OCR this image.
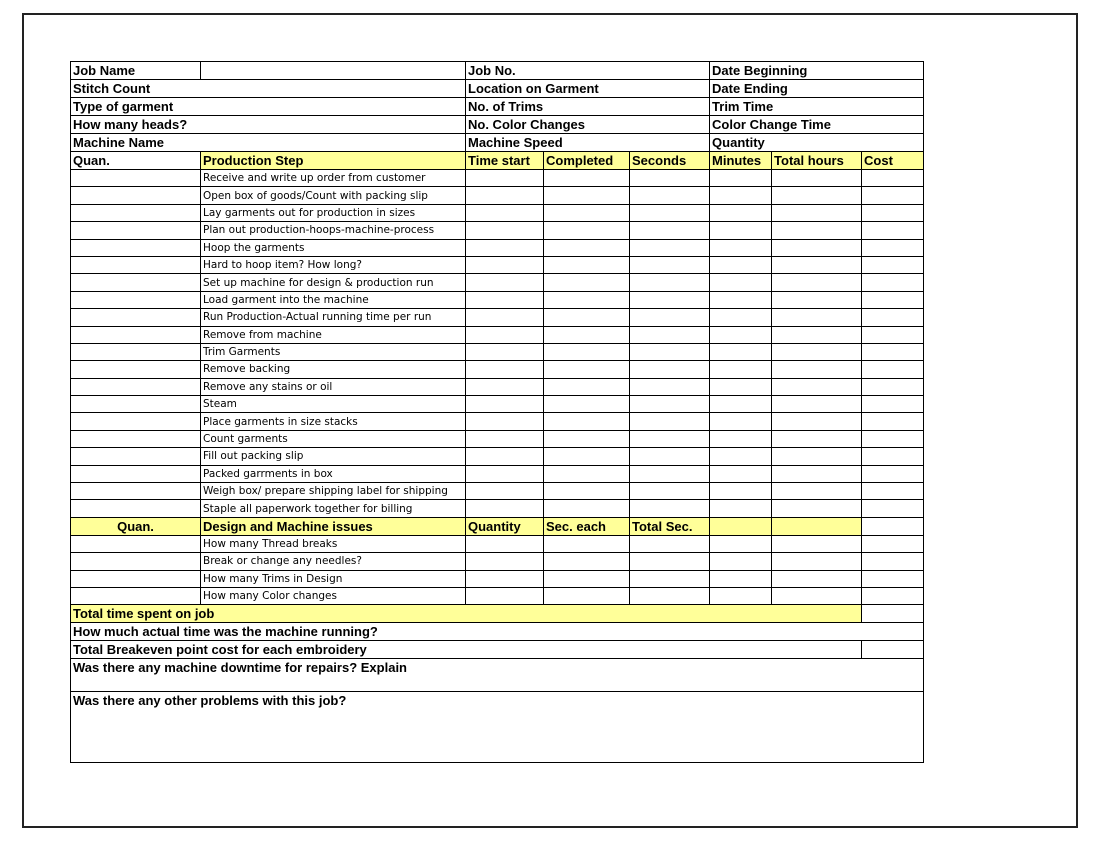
Job Name		Job No.			Date Beginning		
Stitch Count		Location on Garment			Date Ending		
Type of garment		No. of Trims			Trim Time		
How many heads?		No. Color Changes			Color Change Time		
Machine Name		Machine Speed			Quantity		
Quan.	Production Step	Time start	Completed	Seconds	Minutes	Total hours	Cost
	Receive and write up order from customer						
	Open box of goods/Count with packing slip						
	Lay garments out for production in sizes						
	Plan out production-hoops-machine-process						
	Hoop the garments						
	Hard to hoop item? How long?						
	Set up machine for design & production run						
	Load garment into the machine						
	Run Production-Actual running time per run						
	Remove from machine						
	Trim Garments						
	Remove backing						
	Remove any stains or oil						
	Steam						
	Place garments in size stacks						
	Count garments						
	Fill out packing slip						
	Packed garrments in box						
	Weigh box/ prepare shipping label for shipping						
	Staple all paperwork together for billing						
Quan.	Design and Machine issues	Quantity	Sec. each	Total Sec.			
	How many Thread breaks						
	Break or change any needles?						
	How many Trims in Design						
	How many Color changes						
Total time spent on job							
How much actual time was the machine running?							
Total Breakeven point cost for each embroidery							
Was there any machine downtime for repairs? Explain							
Was there any other problems with this job?							
